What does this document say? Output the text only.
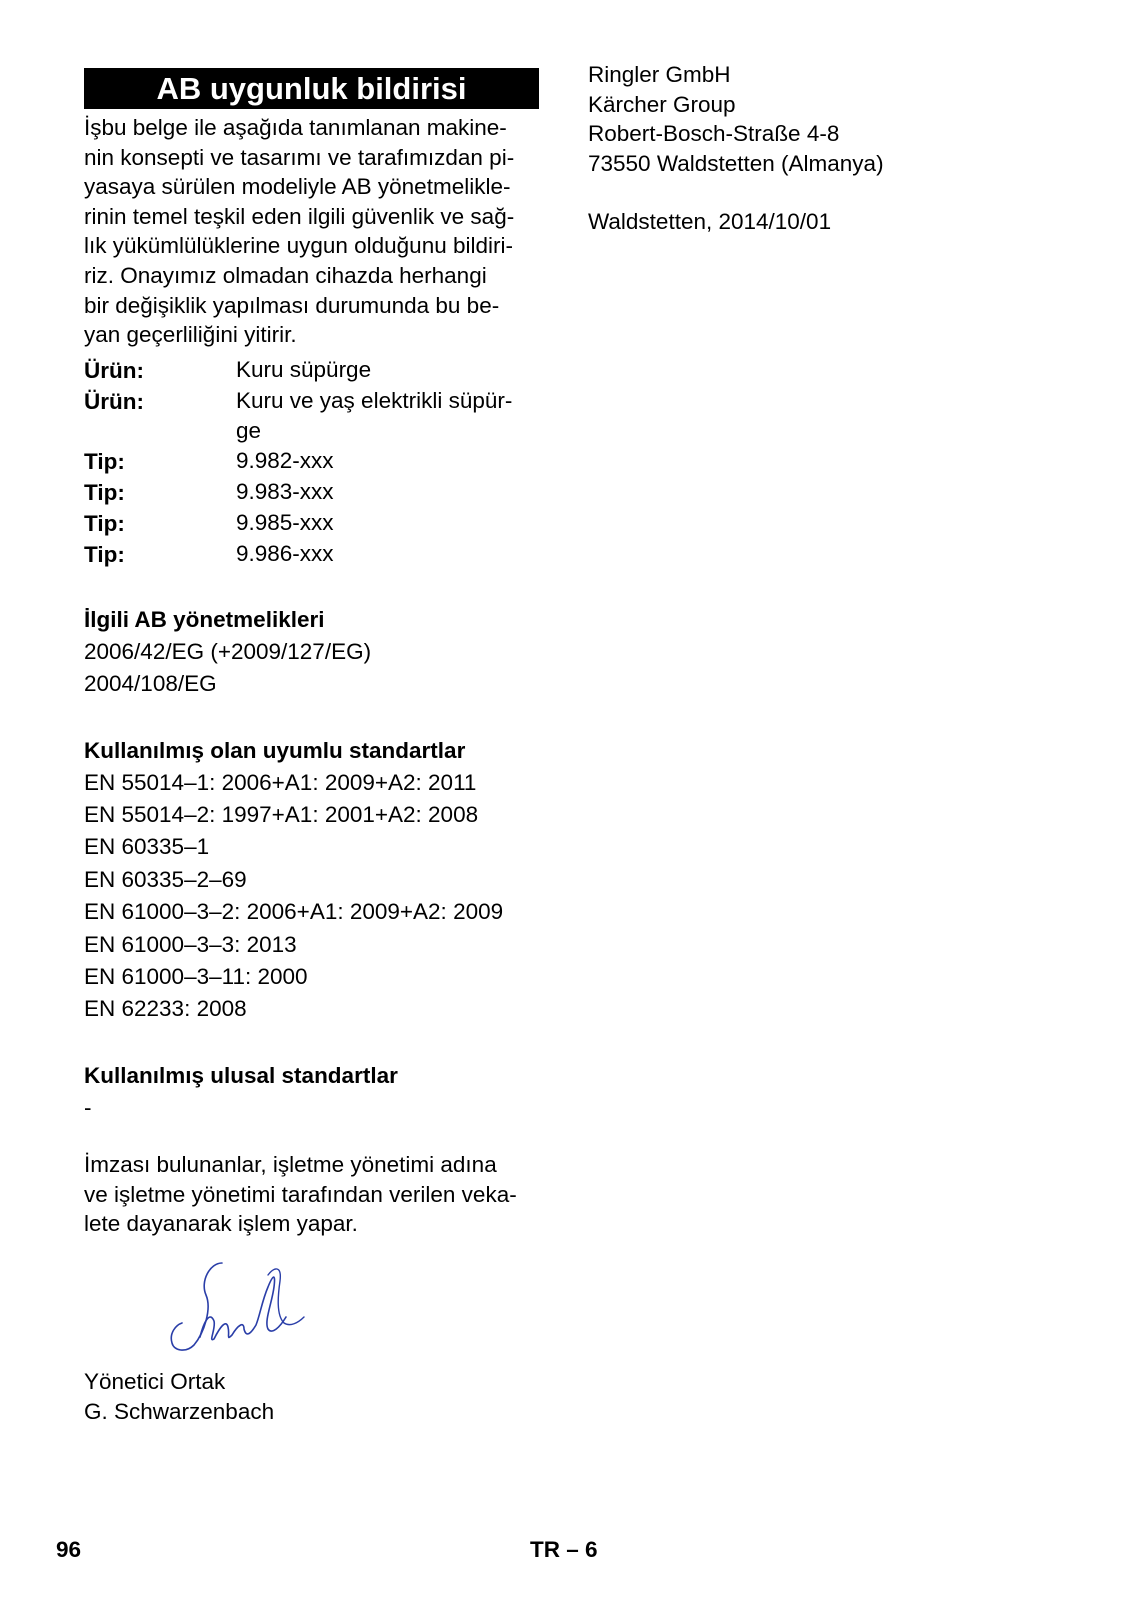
AB uygunluk bildirisi
İşbu belge ile aşağıda tanımlanan makine-
nin konsepti ve tasarımı ve tarafımızdan pi-
yasaya sürülen modeliyle AB yönetmelikle-
rinin temel teşkil eden ilgili güvenlik ve sağ-
lık yükümlülüklerine uygun olduğunu bildiri-
riz. Onayımız olmadan cihazda herhangi
bir değişiklik yapılması durumunda bu be-
yan geçerliliğini yitirir.
Ürün:	Kuru süpürge
Ürün:	Kuru ve yaş elektrikli süpür-
ge
Tip:	9.982-xxx
Tip:	9.983-xxx
Tip:	9.985-xxx
Tip:	9.986-xxx
İlgili AB yönetmelikleri
2006/42/EG (+2009/127/EG)
2004/108/EG
Kullanılmış olan uyumlu standartlar
EN 55014–1: 2006+A1: 2009+A2: 2011
EN 55014–2: 1997+A1: 2001+A2: 2008
EN 60335–1
EN 60335–2–69
EN 61000–3–2: 2006+A1: 2009+A2: 2009
EN 61000–3–3: 2013
EN 61000–3–11: 2000
EN 62233: 2008
Kullanılmış ulusal standartlar
-
İmzası bulunanlar, işletme yönetimi adına
ve işletme yönetimi tarafından verilen veka-
lete dayanarak işlem yapar.
Yönetici Ortak
G. Schwarzenbach
Ringler GmbH
Kärcher Group
Robert-Bosch-Straße 4-8
73550 Waldstetten (Almanya)
Waldstetten, 2014/10/01
96	TR – 6
